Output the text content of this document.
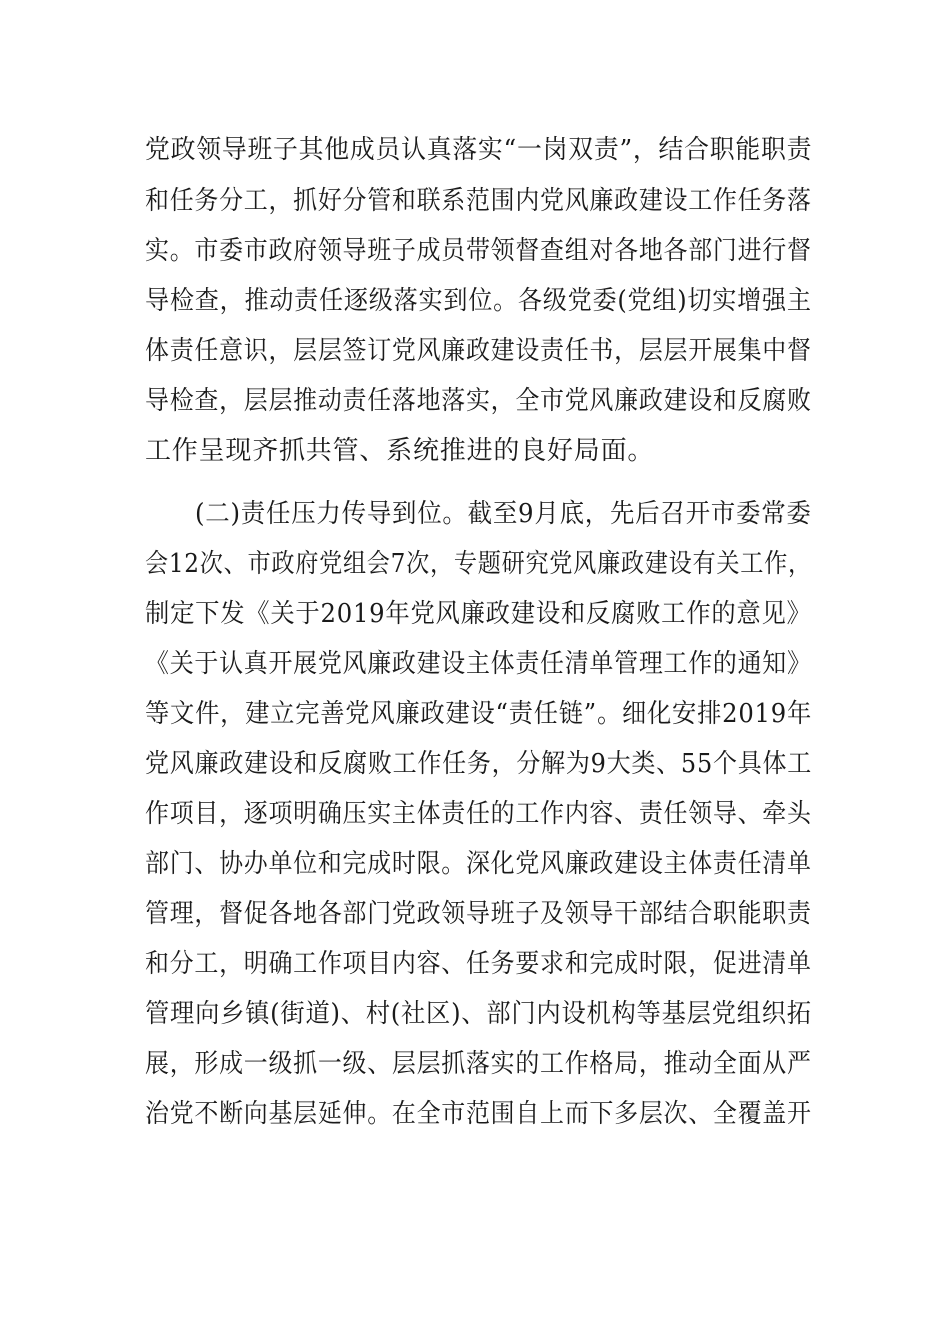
党政领导班子其他成员认真落实“一岗双责”，结合职能职责
和任务分工，抓好分管和联系范围内党风廉政建设工作任务落
实。市委市政府领导班子成员带领督查组对各地各部门进行督
导检查，推动责任逐级落实到位。各级党委(党组)切实增强主
体责任意识，层层签订党风廉政建设责任书，层层开展集中督
导检查，层层推动责任落地落实，全市党风廉政建设和反腐败
工作呈现齐抓共管、系统推进的良好局面。
(二)责任压力传导到位。截至9月底，先后召开市委常委
会12次、市政府党组会7次，专题研究党风廉政建设有关工作，
制定下发《关于2019年党风廉政建设和反腐败工作的意见》
《关于认真开展党风廉政建设主体责任清单管理工作的通知》
等文件，建立完善党风廉政建设“责任链”。细化安排2019年
党风廉政建设和反腐败工作任务，分解为9大类、55个具体工
作项目，逐项明确压实主体责任的工作内容、责任领导、牵头
部门、协办单位和完成时限。深化党风廉政建设主体责任清单
管理，督促各地各部门党政领导班子及领导干部结合职能职责
和分工，明确工作项目内容、任务要求和完成时限，促进清单
管理向乡镇(街道)、村(社区)、部门内设机构等基层党组织拓
展，形成一级抓一级、层层抓落实的工作格局，推动全面从严
治党不断向基层延伸。在全市范围自上而下多层次、全覆盖开
